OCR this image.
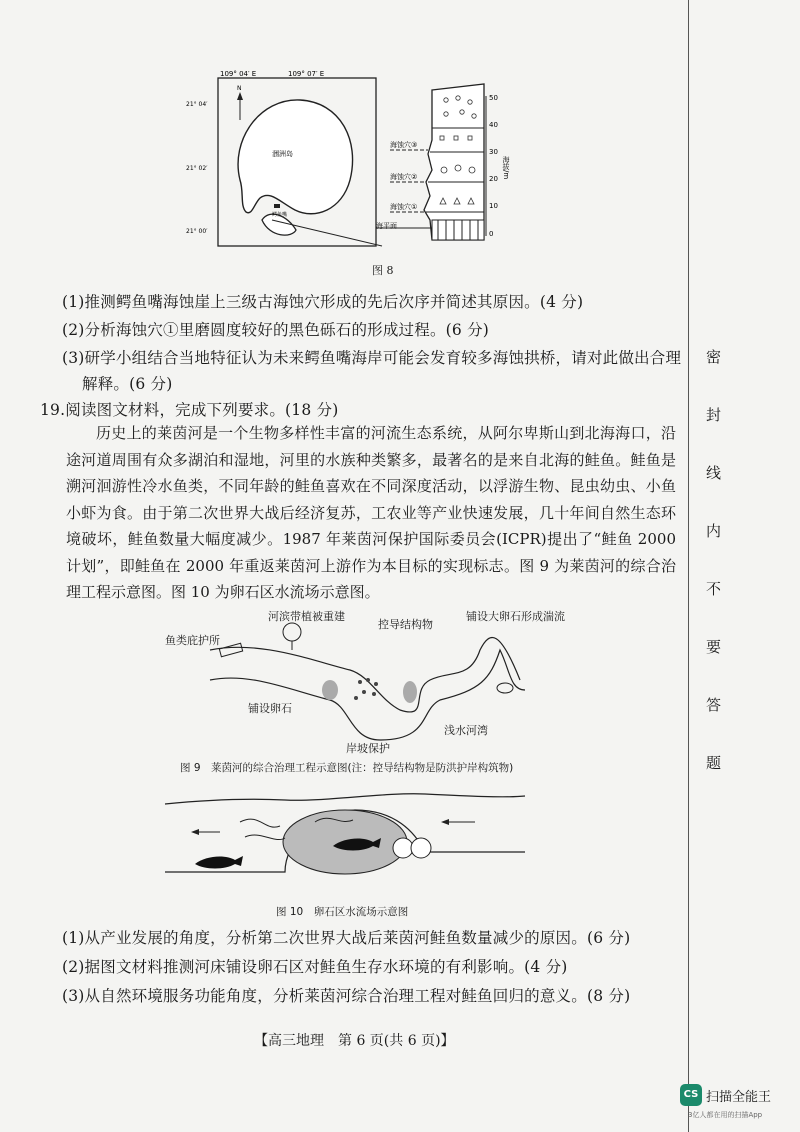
密
封
线
内
不
要
答
题
109° 04′ E	109° 07′ E
21° 04′
21° 02′
21° 00′
N
涠洲岛
鳄鱼嘴
海蚀穴③
海蚀穴②
海蚀穴①
海平面
50
40
30
20
10
0
海拔/m
图 8
(1)推测鳄鱼嘴海蚀崖上三级古海蚀穴形成的先后次序并简述其原因。(4 分)
(2)分析海蚀穴①里磨圆度较好的黑色砾石的形成过程。(6 分)
(3)研学小组结合当地特征认为未来鳄鱼嘴海岸可能会发育较多海蚀拱桥，请对此做出合理
解释。(6 分)
19.阅读图文材料，完成下列要求。(18 分)
历史上的莱茵河是一个生物多样性丰富的河流生态系统，从阿尔卑斯山到北海海口，沿途河道周围有众多湖泊和湿地，河里的水族种类繁多，最著名的是来自北海的鲑鱼。鲑鱼是溯河洄游性冷水鱼类，不同年龄的鲑鱼喜欢在不同深度活动，以浮游生物、昆虫幼虫、小鱼小虾为食。由于第二次世界大战后经济复苏，工农业等产业快速发展，几十年间自然生态环境破坏，鲑鱼数量大幅度减少。1987 年莱茵河保护国际委员会(ICPR)提出了“鲑鱼 2000 计划”，即鲑鱼在 2000 年重返莱茵河上游作为本目标的实现标志。图 9 为莱茵河的综合治理工程示意图。图 10 为卵石区水流场示意图。
河滨带植被重建
控导结构物
铺设大卵石形成湍流
鱼类庇护所
铺设卵石
浅水河湾
岸坡保护
图 9　莱茵河的综合治理工程示意图(注：控导结构物是防洪护岸构筑物)
图 10　卵石区水流场示意图
(1)从产业发展的角度，分析第二次世界大战后莱茵河鲑鱼数量减少的原因。(6 分)
(2)据图文材料推测河床铺设卵石区对鲑鱼生存水环境的有利影响。(4 分)
(3)从自然环境服务功能角度，分析莱茵河综合治理工程对鲑鱼回归的意义。(8 分)
【高三地理　第 6 页(共 6 页)】
CS 扫描全能王
3亿人都在用的扫描App
